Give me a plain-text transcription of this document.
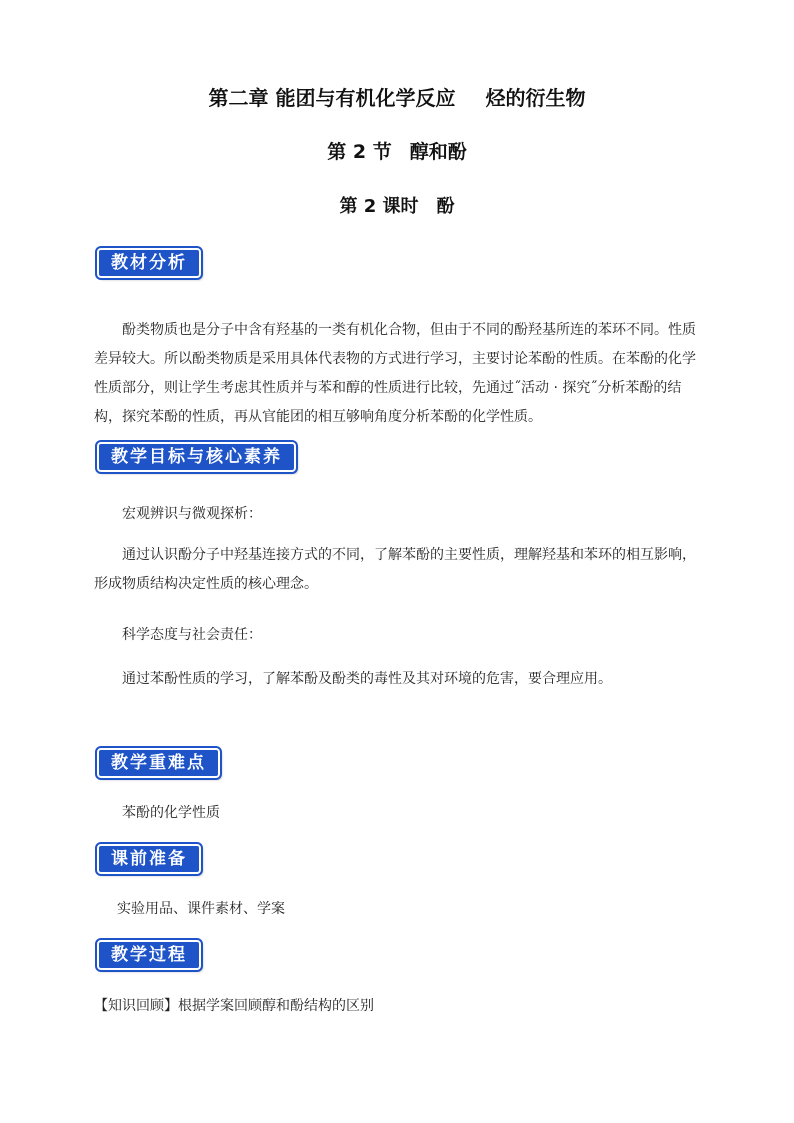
第二章 能团与有机化学反应 烃的衍生物
第 2 节 醇和酚
第 2 课时 酚
教材分析
酚类物质也是分子中含有羟基的一类有机化合物，但由于不同的酚羟基所连的苯环不同。性质差异较大。所以酚类物质是采用具体代表物的方式进行学习，主要讨论苯酚的性质。在苯酚的化学性质部分，则让学生考虑其性质并与苯和醇的性质进行比较，先通过˝活动 · 探究˝分析苯酚的结构，探究苯酚的性质，再从官能团的相互够响角度分析苯酚的化学性质。
教学目标与核心素养
宏观辨识与微观探析：
通过认识酚分子中羟基连接方式的不同，了解苯酚的主要性质，理解羟基和苯环的相互影响，形成物质结构决定性质的核心理念。
科学态度与社会责任：
通过苯酚性质的学习，了解苯酚及酚类的毒性及其对环境的危害，要合理应用。
教学重难点
苯酚的化学性质
课前准备
实验用品、课件素材、学案
教学过程
【知识回顾】根据学案回顾醇和酚结构的区别
